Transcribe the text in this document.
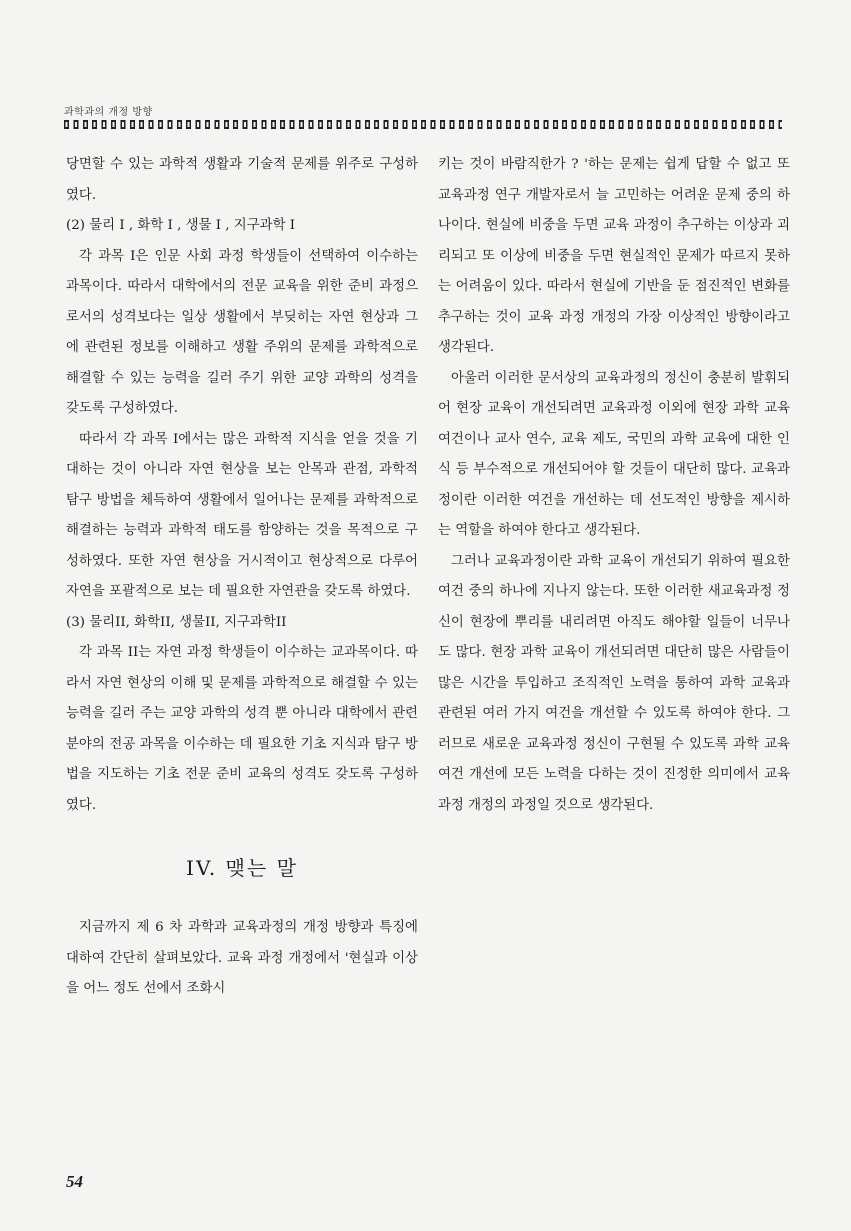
과학과의 개정 방향

당면할 수 있는 과학적 생활과 기술적 문제를 위주로 구성하였다.

(2) 물리 I , 화학 I , 생물 I , 지구과학 I

각 과목 I은 인문 사회 과정 학생들이 선택하여 이수하는 과목이다. 따라서 대학에서의 전문 교육을 위한 준비 과정으로서의 성격보다는 일상 생활에서 부딪히는 자연 현상과 그에 관련된 정보를 이해하고 생활 주위의 문제를 과학적으로 해결할 수 있는 능력을 길러 주기 위한 교양 과학의 성격을 갖도록 구성하였다.

따라서 각 과목 I에서는 많은 과학적 지식을 얻을 것을 기대하는 것이 아니라 자연 현상을 보는 안목과 관점, 과학적 탐구 방법을 체득하여 생활에서 일어나는 문제를 과학적으로 해결하는 능력과 과학적 태도를 함양하는 것을 목적으로 구성하였다. 또한 자연 현상을 거시적이고 현상적으로 다루어 자연을 포괄적으로 보는 데 필요한 자연관을 갖도록 하였다.

(3) 물리II, 화학II, 생물II, 지구과학II

각 과목 II는 자연 과정 학생들이 이수하는 교과목이다. 따라서 자연 현상의 이해 및 문제를 과학적으로 해결할 수 있는 능력을 길러 주는 교양 과학의 성격 뿐 아니라 대학에서 관련 분야의 전공 과목을 이수하는 데 필요한 기초 지식과 탐구 방법을 지도하는 기초 전문 준비 교육의 성격도 갖도록 구성하였다.

IV. 맺는 말

지금까지 제 6 차 과학과 교육과정의 개정 방향과 특징에 대하여 간단히 살펴보았다. 교육 과정 개정에서 '현실과 이상을 어느 정도 선에서 조화시

키는 것이 바람직한가 ? '하는 문제는 쉽게 답할 수 없고 또 교육과정 연구 개발자로서 늘 고민하는 어려운 문제 중의 하나이다. 현실에 비중을 두면 교육 과정이 추구하는 이상과 괴리되고 또 이상에 비중을 두면 현실적인 문제가 따르지 못하는 어려움이 있다. 따라서 현실에 기반을 둔 점진적인 변화를 추구하는 것이 교육 과정 개정의 가장 이상적인 방향이라고 생각된다.

아울러 이러한 문서상의 교육과정의 정신이 충분히 발휘되어 현장 교육이 개선되려면 교육과정 이외에 현장 과학 교육 여건이나 교사 연수, 교육 제도, 국민의 과학 교육에 대한 인식 등 부수적으로 개선되어야 할 것들이 대단히 많다. 교육과정이란 이러한 여건을 개선하는 데 선도적인 방향을 제시하는 역할을 하여야 한다고 생각된다.

그러나 교육과정이란 과학 교육이 개선되기 위하여 필요한 여건 중의 하나에 지나지 않는다. 또한 이러한 새교육과정 정신이 현장에 뿌리를 내리려면 아직도 해야할 일들이 너무나도 많다. 현장 과학 교육이 개선되려면 대단히 많은 사람들이 많은 시간을 투입하고 조직적인 노력을 통하여 과학 교육과 관련된 여러 가지 여건을 개선할 수 있도록 하여야 한다. 그러므로 새로운 교육과정 정신이 구현될 수 있도록 과학 교육 여건 개선에 모든 노력을 다하는 것이 진정한 의미에서 교육과정 개정의 과정일 것으로 생각된다.

54
